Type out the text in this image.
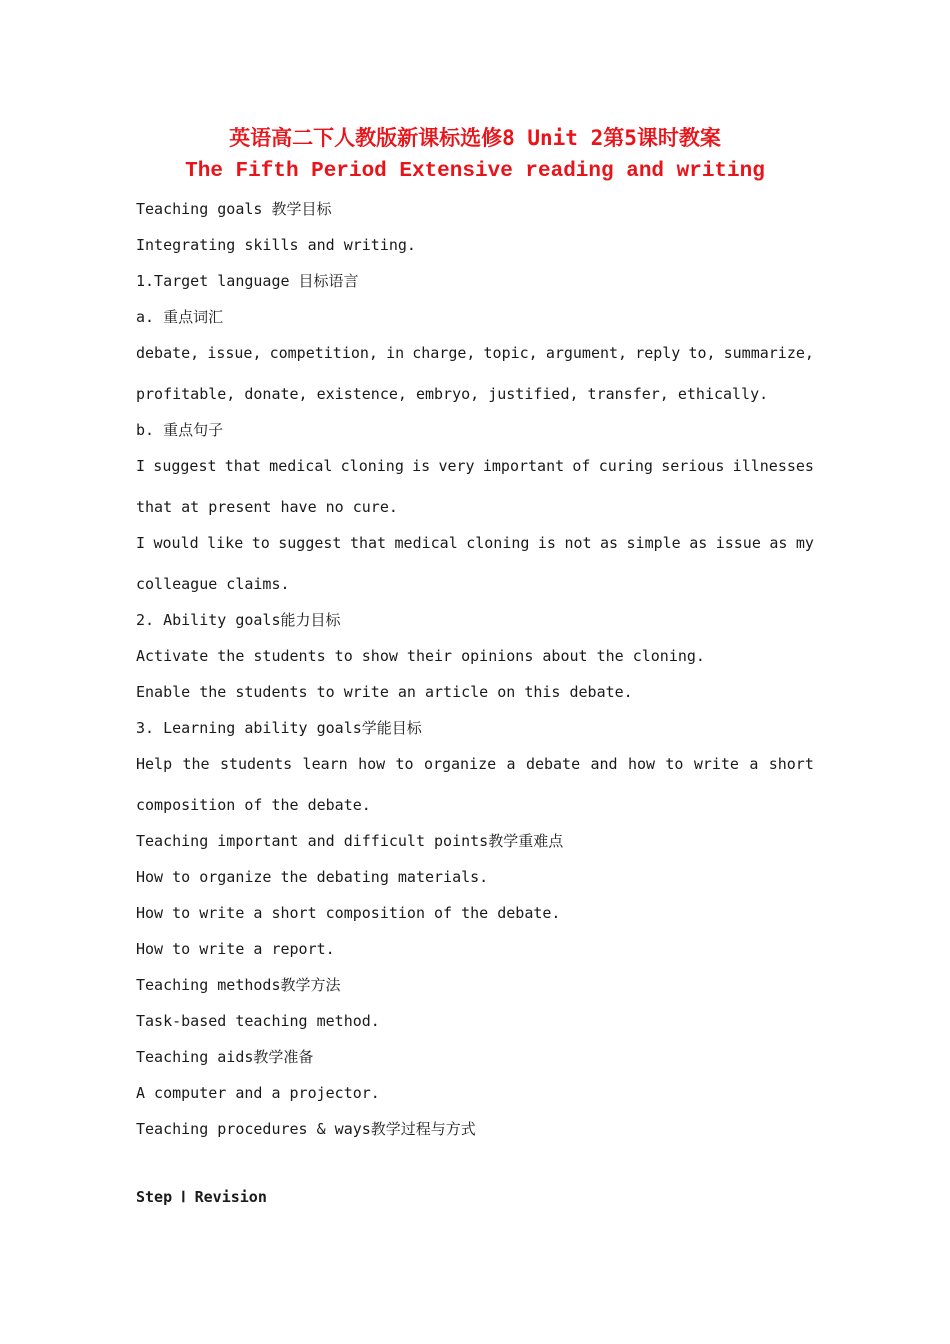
英语高二下人教版新课标选修8 Unit 2第5课时教案
The Fifth Period Extensive reading and writing
Teaching goals 教学目标
Integrating skills and writing.
1.Target language 目标语言
a. 重点词汇
debate, issue, competition, in charge, topic, argument, reply to, summarize,
profitable, donate, existence, embryo, justified, transfer, ethically.
b. 重点句子
I suggest that medical cloning is very important of curing serious illnesses
that at present have no cure.
I would like to suggest that medical cloning is not as simple as issue as my
colleague claims.
2. Ability goals能力目标
Activate the students to show their opinions about the cloning.
Enable the students to write an article on this debate.
3. Learning ability goals学能目标
Help the students learn how to organize a debate and how to write a short
composition of the debate.
Teaching important and difficult points教学重难点
How to organize the debating materials.
How to write a short composition of the debate.
How to write a report.
Teaching methods教学方法
Task-based teaching method.
Teaching aids教学准备
A computer and a projector.
Teaching procedures & ways教学过程与方式
Step Ⅰ Revision
